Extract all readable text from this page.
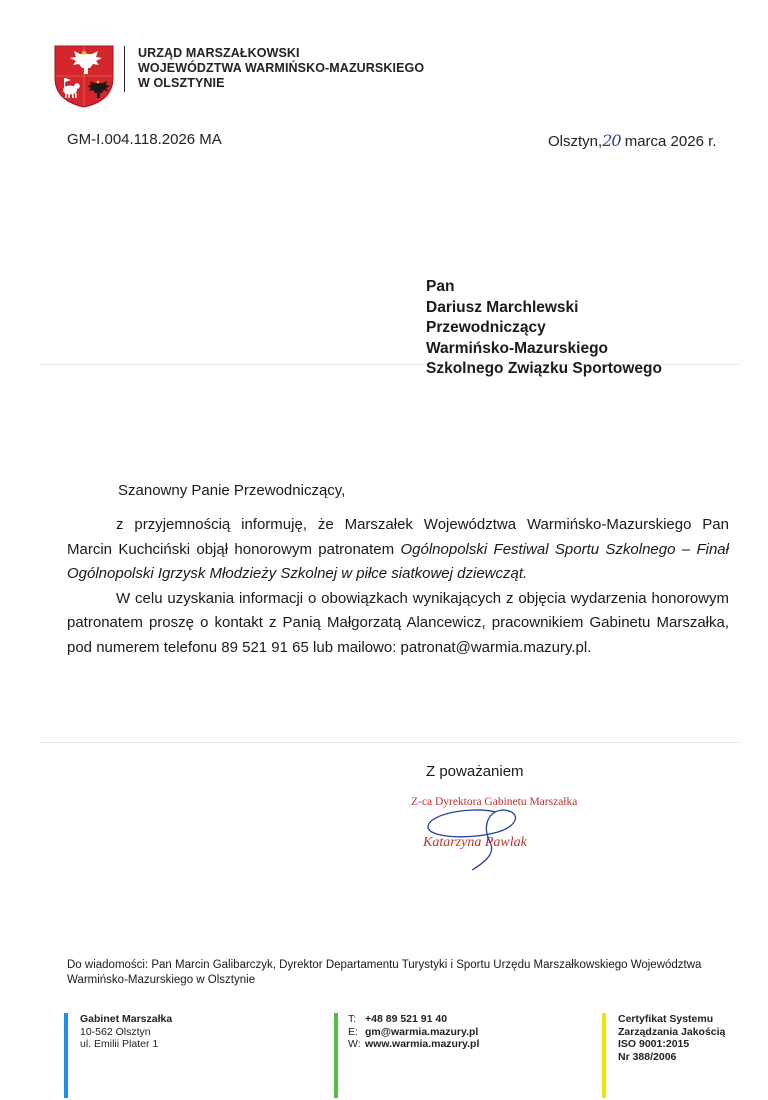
URZĄD MARSZAŁKOWSKI
WOJEWÓDZTWA WARMIŃSKO-MAZURSKIEGO
W OLSZTYNIE
GM-I.004.118.2026 MA	Olsztyn,20 marca 2026 r.
Pan
Dariusz Marchlewski
Przewodniczący
Warmińsko-Mazurskiego
Szkolnego Związku Sportowego
Szanowny Panie Przewodniczący,

z przyjemnością informuję, że Marszałek Województwa Warmińsko-Mazurskiego Pan Marcin Kuchciński objął honorowym patronatem Ogólnopolski Festiwal Sportu Szkolnego – Finał Ogólnopolski Igrzysk Młodzieży Szkolnej w piłce siatkowej dziewcząt.

W celu uzyskania informacji o obowiązkach wynikających z objęcia wydarzenia honorowym patronatem proszę o kontakt z Panią Małgorzatą Alancewicz, pracownikiem Gabinetu Marszałka, pod numerem telefonu 89 521 91 65 lub mailowo: patronat@warmia.mazury.pl.

Z poważaniem
Z-ca Dyrektora Gabinetu Marszałka
Katarzyna Pawlak
Do wiadomości: Pan Marcin Galibarczyk, Dyrektor Departamentu Turystyki i Sportu Urzędu Marszałkowskiego Województwa Warmińsko-Mazurskiego w Olsztynie
Gabinet Marszałka
10-562 Olsztyn
ul. Emilii Plater 1
T: +48 89 521 91 40
E: gm@warmia.mazury.pl
W: www.warmia.mazury.pl
Certyfikat Systemu
Zarządzania Jakością
ISO 9001:2015
Nr 388/2006
